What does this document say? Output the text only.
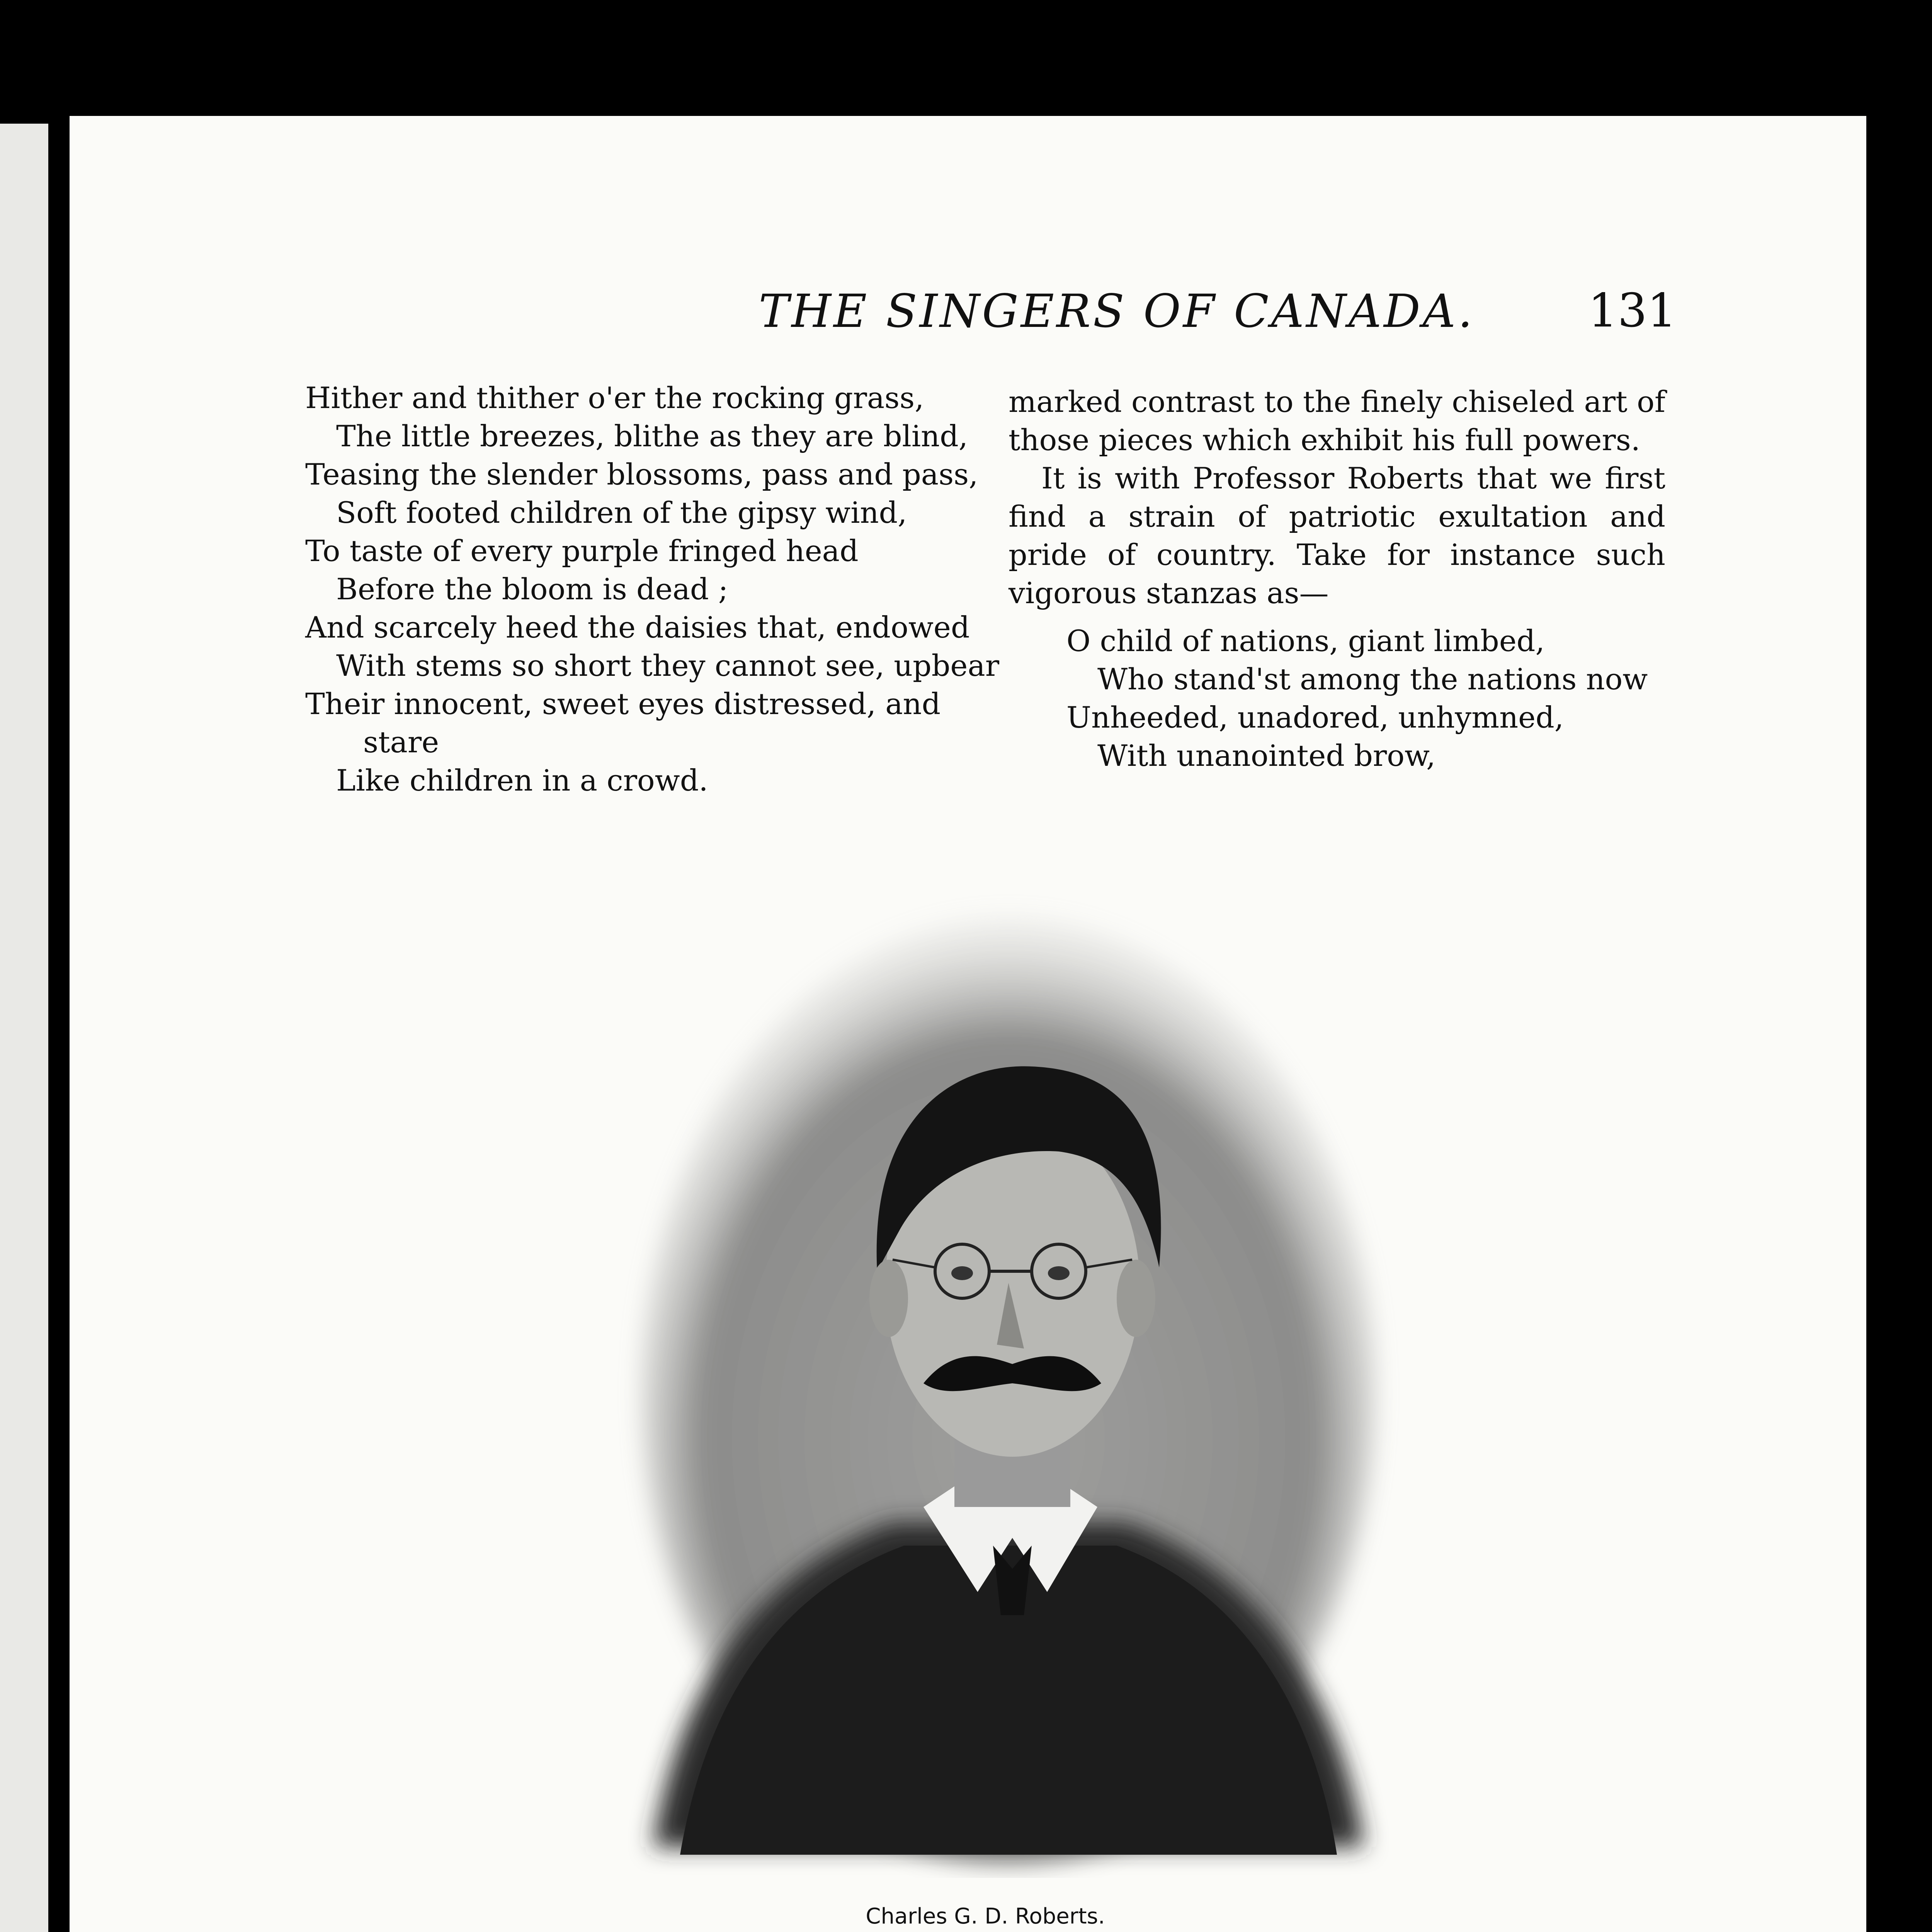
THE SINGERS OF CANADA.	131
Hither and thither o'er the rocking grass,
The little breezes, blithe as they are blind,
Teasing the slender blossoms, pass and pass,
Soft footed children of the gipsy wind,
To taste of every purple fringed head
Before the bloom is dead ;
And scarcely heed the daisies that, endowed
With stems so short they cannot see, upbear
Their innocent, sweet eyes distressed, and
stare
Like children in a crowd.

marked contrast to the finely chiseled art of those pieces which exhibit his full powers.

It is with Professor Roberts that we first find a strain of patriotic exultation and pride of country. Take for instance such vigorous stanzas as—

O child of nations, giant limbed,
Who stand'st among the nations now
Unheeded, unadored, unhymned,
With unanointed brow,
Charles G. D. Roberts.
